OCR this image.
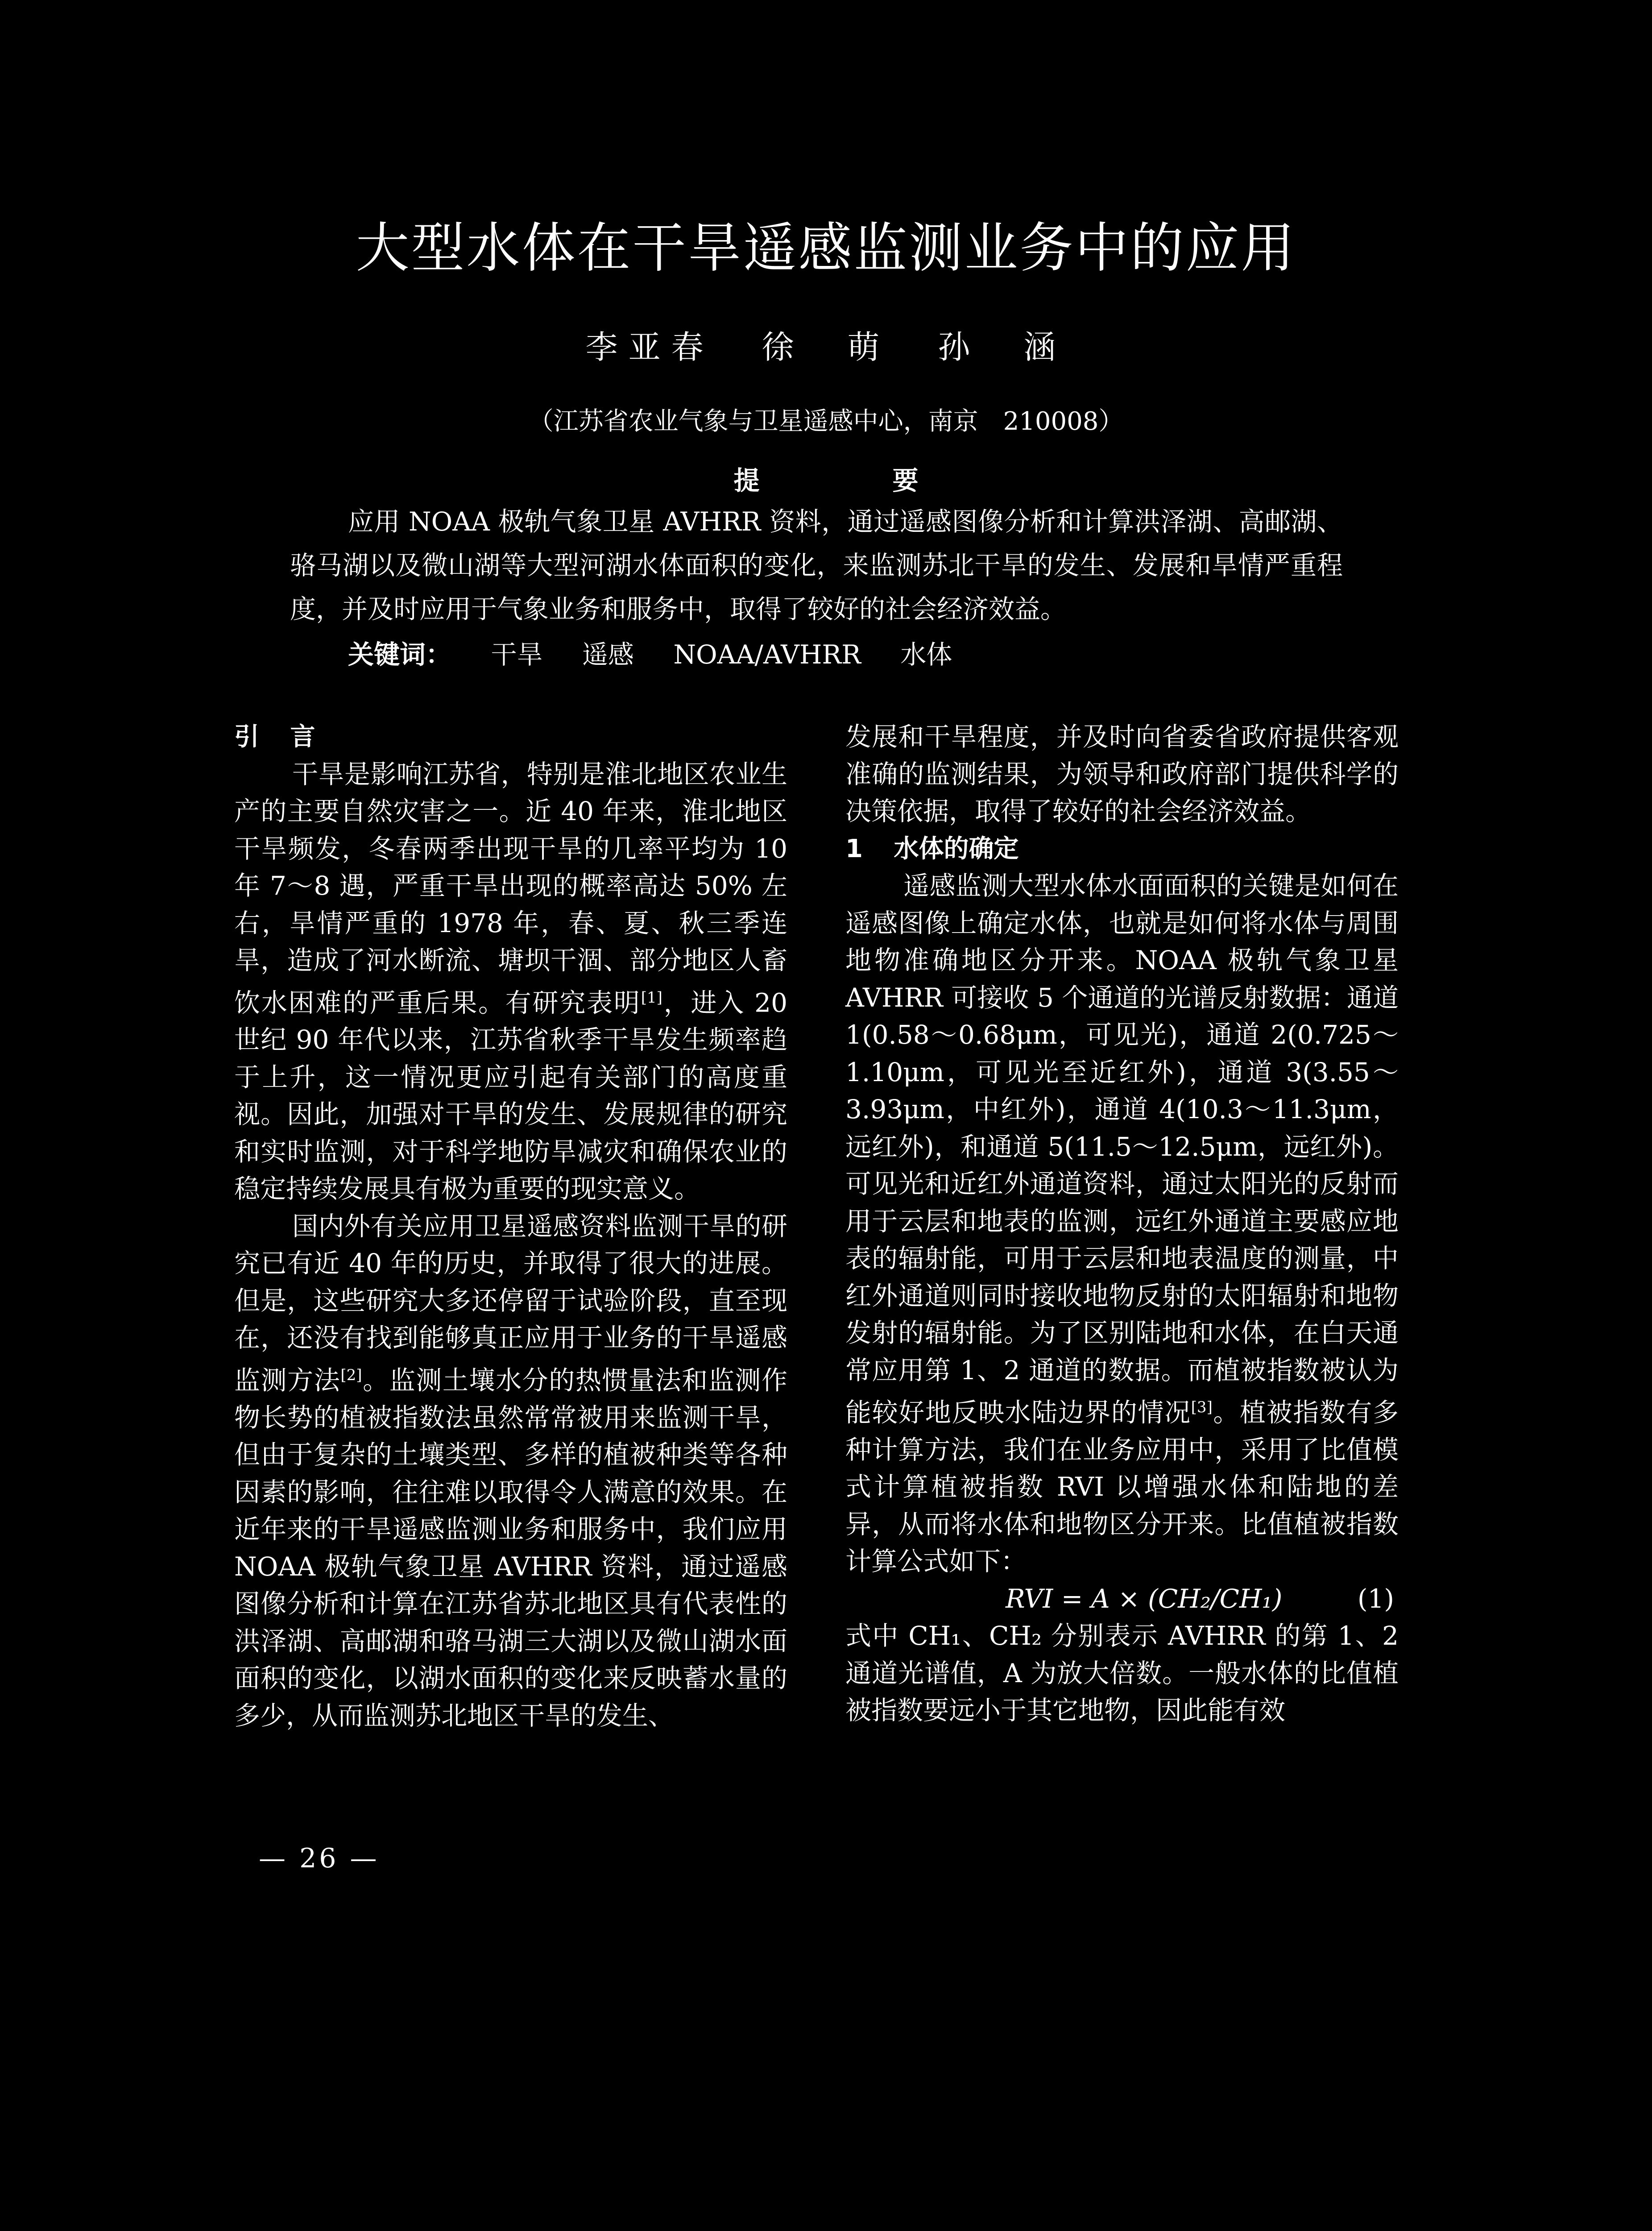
大型水体在干旱遥感监测业务中的应用
李亚春 徐　萌 孙　涵
（江苏省农业气象与卫星遥感中心，南京　210008）
提　要
应用 NOAA 极轨气象卫星 AVHRR 资料，通过遥感图像分析和计算洪泽湖、高邮湖、骆马湖以及微山湖等大型河湖水体面积的变化，来监测苏北干旱的发生、发展和旱情严重程度，并及时应用于气象业务和服务中，取得了较好的社会经济效益。
关键词： 干旱 遥感 NOAA/AVHRR 水体

引 言

干旱是影响江苏省，特别是淮北地区农业生产的主要自然灾害之一。近 40 年来，淮北地区干旱频发，冬春两季出现干旱的几率平均为 10 年 7～8 遇，严重干旱出现的概率高达 50% 左右，旱情严重的 1978 年，春、夏、秋三季连旱，造成了河水断流、塘坝干涸、部分地区人畜饮水困难的严重后果。有研究表明[1]，进入 20 世纪 90 年代以来，江苏省秋季干旱发生频率趋于上升，这一情况更应引起有关部门的高度重视。因此，加强对干旱的发生、发展规律的研究和实时监测，对于科学地防旱减灾和确保农业的稳定持续发展具有极为重要的现实意义。

国内外有关应用卫星遥感资料监测干旱的研究已有近 40 年的历史，并取得了很大的进展。但是，这些研究大多还停留于试验阶段，直至现在，还没有找到能够真正应用于业务的干旱遥感监测方法[2]。监测土壤水分的热惯量法和监测作物长势的植被指数法虽然常常被用来监测干旱，但由于复杂的土壤类型、多样的植被种类等各种因素的影响，往往难以取得令人满意的效果。在近年来的干旱遥感监测业务和服务中，我们应用 NOAA 极轨气象卫星 AVHRR 资料，通过遥感图像分析和计算在江苏省苏北地区具有代表性的洪泽湖、高邮湖和骆马湖三大湖以及微山湖水面面积的变化，以湖水面积的变化来反映蓄水量的多少，从而监测苏北地区干旱的发生、

发展和干旱程度，并及时向省委省政府提供客观准确的监测结果，为领导和政府部门提供科学的决策依据，取得了较好的社会经济效益。

1 水体的确定

遥感监测大型水体水面面积的关键是如何在遥感图像上确定水体，也就是如何将水体与周围地物准确地区分开来。NOAA 极轨气象卫星 AVHRR 可接收 5 个通道的光谱反射数据：通道 1(0.58～0.68μm，可见光)，通道 2(0.725～1.10μm，可见光至近红外)，通道 3(3.55～3.93μm，中红外)，通道 4(10.3～11.3μm，远红外)，和通道 5(11.5～12.5μm，远红外)。可见光和近红外通道资料，通过太阳光的反射而用于云层和地表的监测，远红外通道主要感应地表的辐射能，可用于云层和地表温度的测量，中红外通道则同时接收地物反射的太阳辐射和地物发射的辐射能。为了区别陆地和水体，在白天通常应用第 1、2 通道的数据。而植被指数被认为能较好地反映水陆边界的情况[3]。植被指数有多种计算方法，我们在业务应用中，采用了比值模式计算植被指数 RVI 以增强水体和陆地的差异，从而将水体和地物区分开来。比值植被指数计算公式如下：

RVI = A × (CH₂/CH₁)	(1)

式中 CH₁、CH₂ 分别表示 AVHRR 的第 1、2 通道光谱值，A 为放大倍数。一般水体的比值植被指数要远小于其它地物，因此能有效

— 26 —
